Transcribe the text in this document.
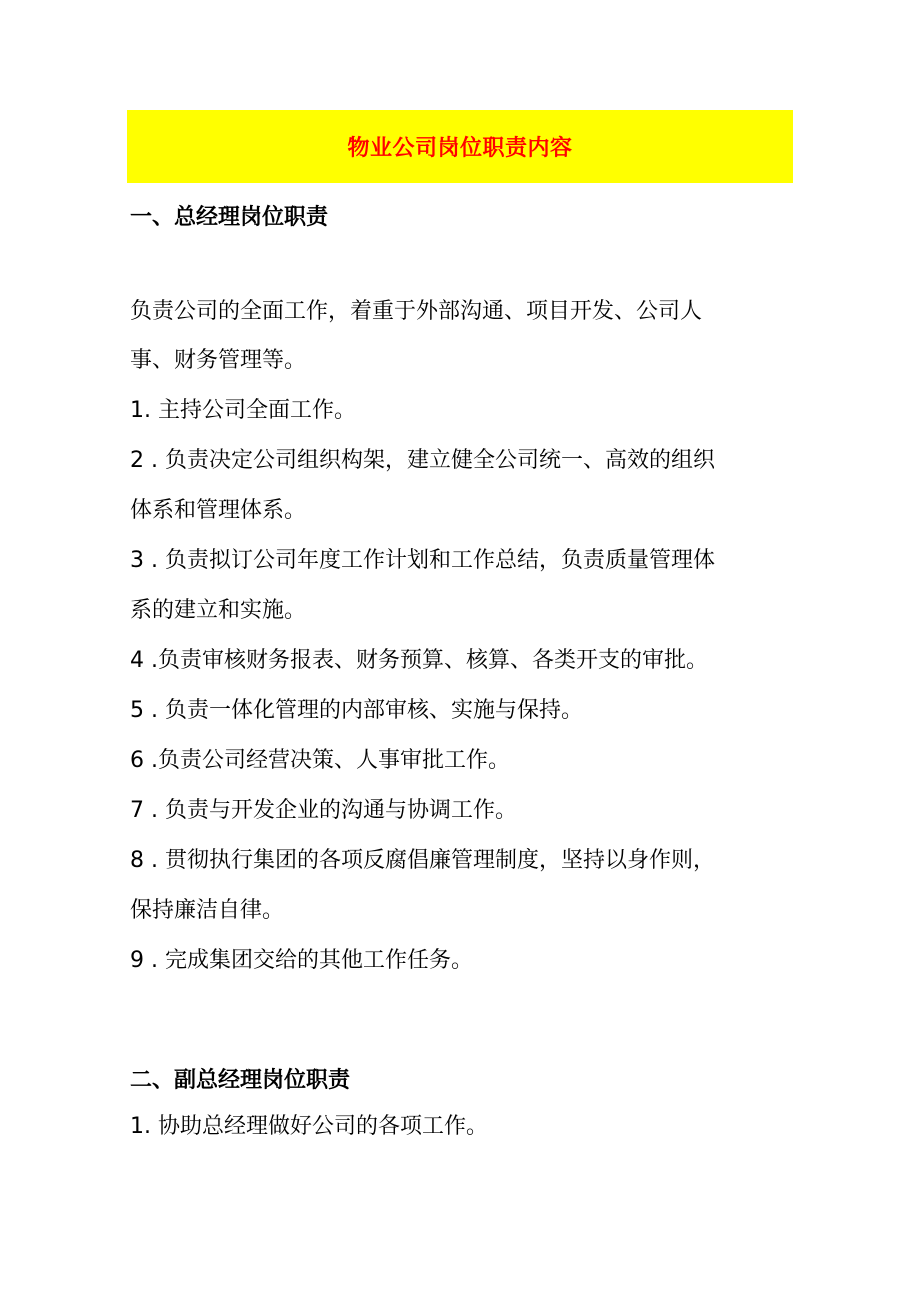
物业公司岗位职责内容
一、总经理岗位职责
负责公司的全面工作，着重于外部沟通、项目开发、公司人
事、财务管理等。
1. 主持公司全面工作。
2 . 负责决定公司组织构架，建立健全公司统一、高效的组织
体系和管理体系。
3 . 负责拟订公司年度工作计划和工作总结，负责质量管理体
系的建立和实施。
4 .负责审核财务报表、财务预算、核算、各类开支的审批。
5 . 负责一体化管理的内部审核、实施与保持。
6 .负责公司经营决策、人事审批工作。
7 . 负责与开发企业的沟通与协调工作。
8 . 贯彻执行集团的各项反腐倡廉管理制度，坚持以身作则，
保持廉洁自律。
9 . 完成集团交给的其他工作任务。
二、副总经理岗位职责
1. 协助总经理做好公司的各项工作。
